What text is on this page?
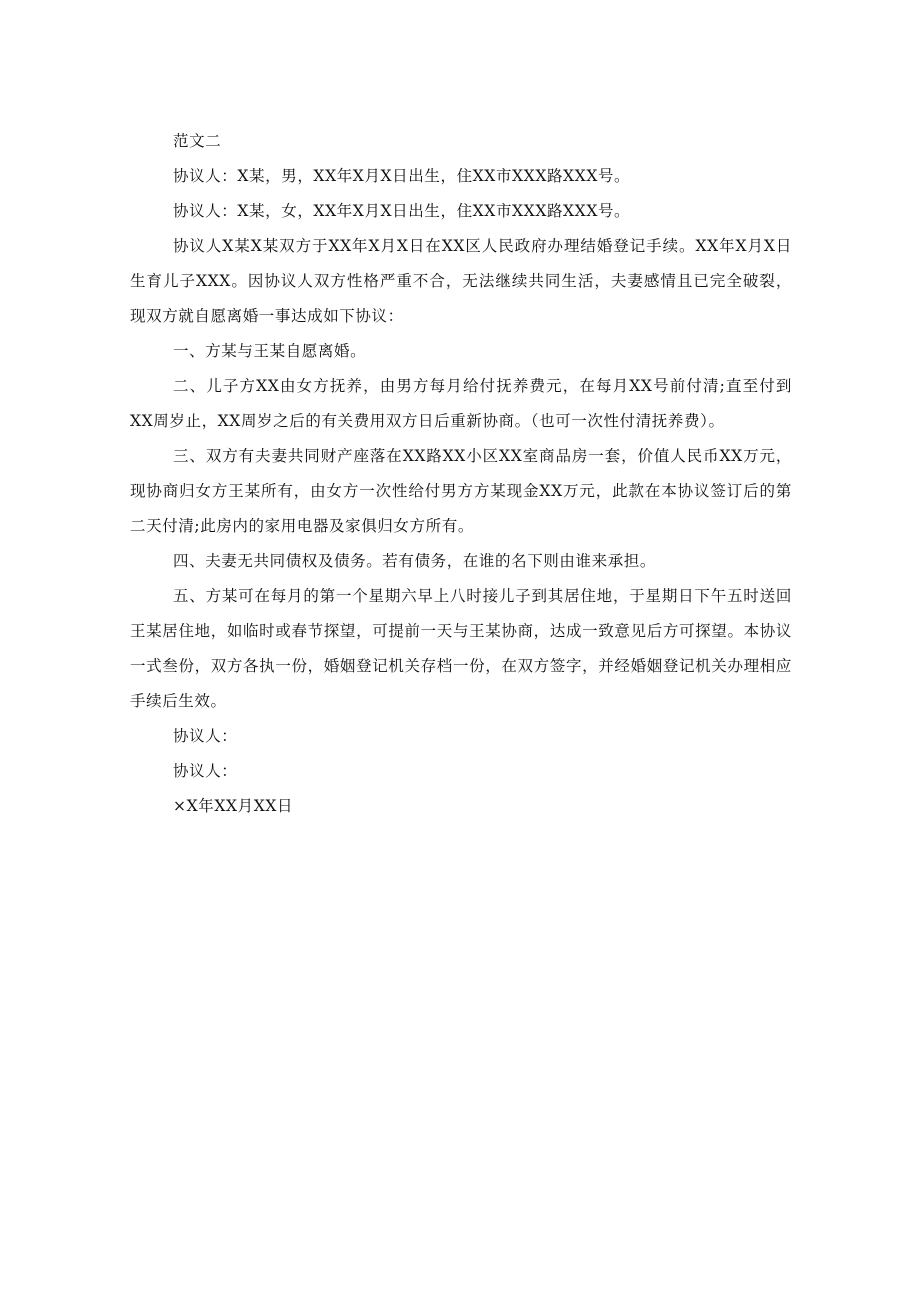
范文二

协议人：X某，男，XX年X月X日出生，住XX市XXX路XXX号。

协议人：X某，女，XX年X月X日出生，住XX市XXX路XXX号。

协议人X某X某双方于XX年X月X日在XX区人民政府办理结婚登记手续。XX年X月X日生育儿子XXX。因协议人双方性格严重不合，无法继续共同生活，夫妻感情且已完全破裂，现双方就自愿离婚一事达成如下协议：

一、方某与王某自愿离婚。

二、儿子方XX由女方抚养，由男方每月给付抚养费元，在每月XX号前付清;直至付到XX周岁止，XX周岁之后的有关费用双方日后重新协商。（也可一次性付清抚养费）。

三、双方有夫妻共同财产座落在XX路XX小区XX室商品房一套，价值人民币XX万元，现协商归女方王某所有，由女方一次性给付男方方某现金XX万元，此款在本协议签订后的第二天付清;此房内的家用电器及家俱归女方所有。

四、夫妻无共同债权及债务。若有债务，在谁的名下则由谁来承担。

五、方某可在每月的第一个星期六早上八时接儿子到其居住地，于星期日下午五时送回王某居住地，如临时或春节探望，可提前一天与王某协商，达成一致意见后方可探望。本协议一式叁份，双方各执一份，婚姻登记机关存档一份，在双方签字，并经婚姻登记机关办理相应手续后生效。

协议人：

协议人：

×X年XX月XX日
